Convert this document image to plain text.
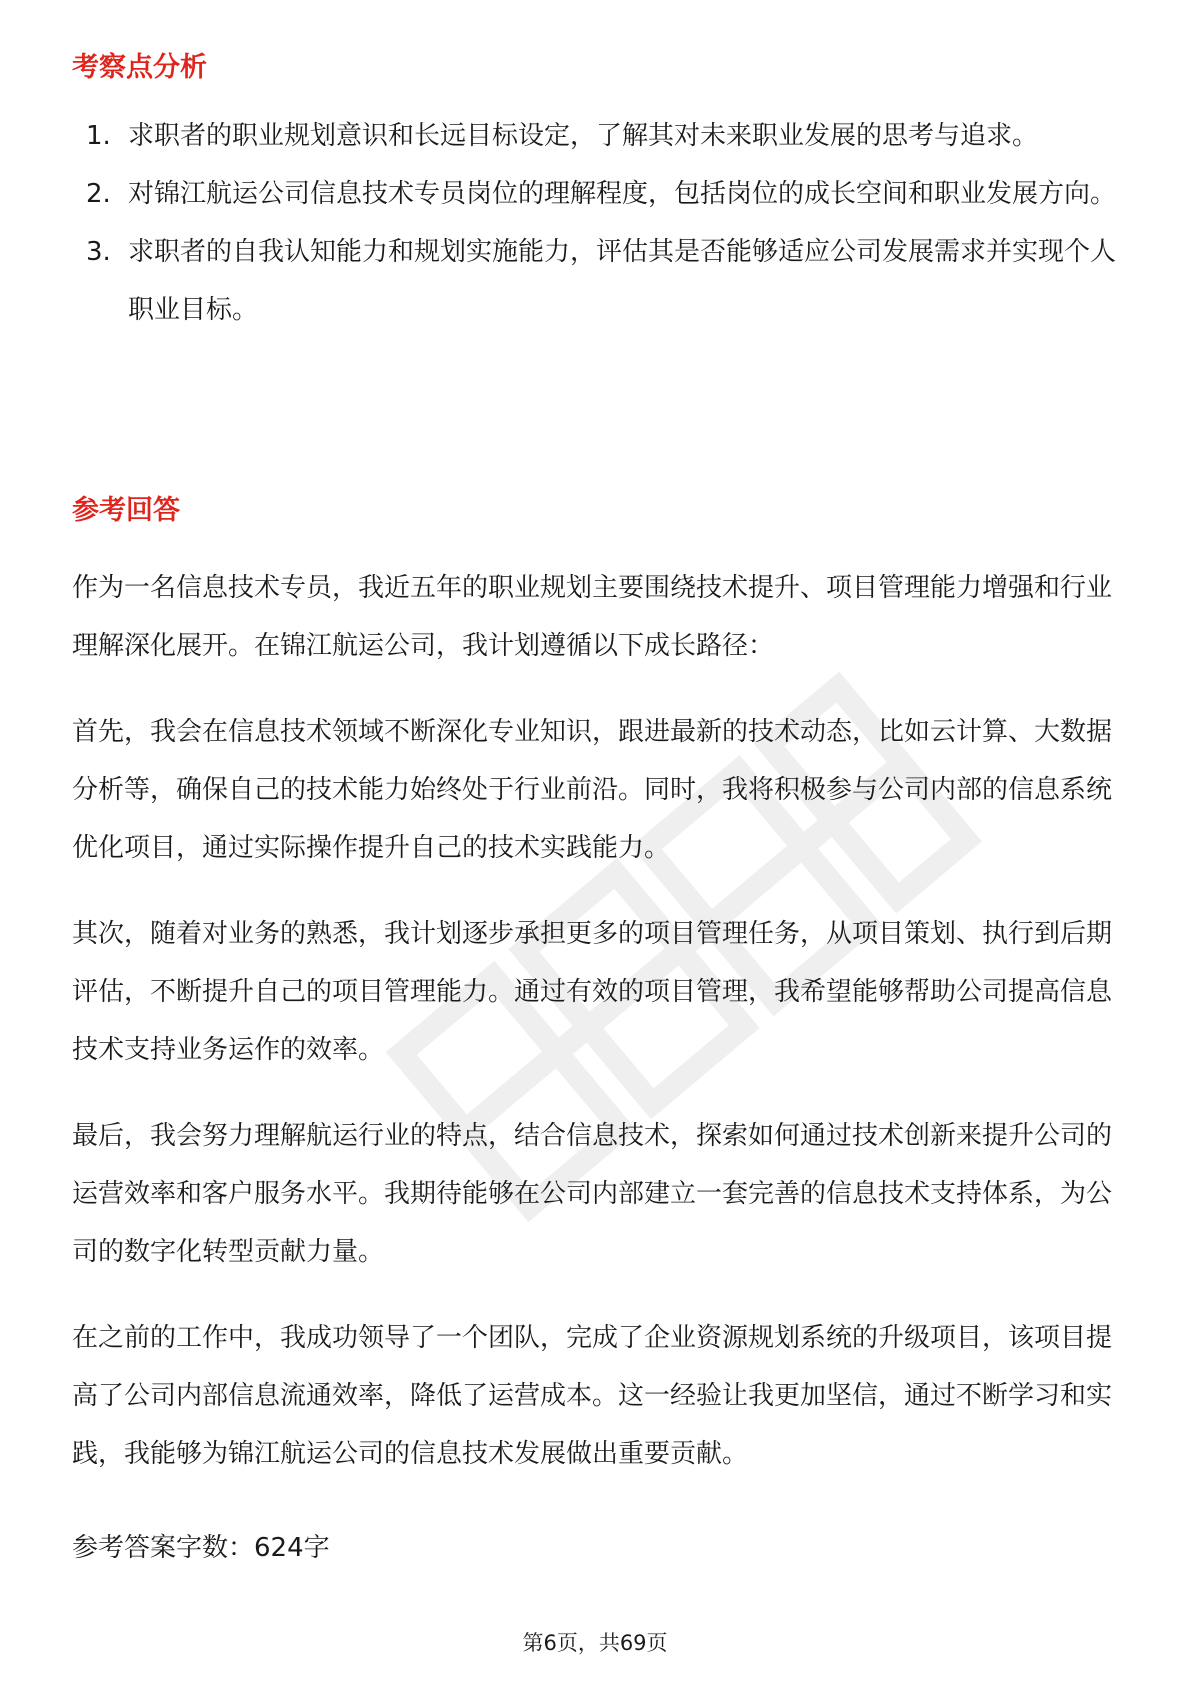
考察点分析
1. 求职者的职业规划意识和长远目标设定，了解其对未来职业发展的思考与追求。
2. 对锦江航运公司信息技术专员岗位的理解程度，包括岗位的成长空间和职业发展方向。
3. 求职者的自我认知能力和规划实施能力，评估其是否能够适应公司发展需求并实现个人职业目标。
参考回答

作为一名信息技术专员，我近五年的职业规划主要围绕技术提升、项目管理能力增强和行业理解深化展开。在锦江航运公司，我计划遵循以下成长路径：

首先，我会在信息技术领域不断深化专业知识，跟进最新的技术动态，比如云计算、大数据分析等，确保自己的技术能力始终处于行业前沿。同时，我将积极参与公司内部的信息系统优化项目，通过实际操作提升自己的技术实践能力。

其次，随着对业务的熟悉，我计划逐步承担更多的项目管理任务，从项目策划、执行到后期评估，不断提升自己的项目管理能力。通过有效的项目管理，我希望能够帮助公司提高信息技术支持业务运作的效率。

最后，我会努力理解航运行业的特点，结合信息技术，探索如何通过技术创新来提升公司的运营效率和客户服务水平。我期待能够在公司内部建立一套完善的信息技术支持体系，为公司的数字化转型贡献力量。

在之前的工作中，我成功领导了一个团队，完成了企业资源规划系统的升级项目，该项目提高了公司内部信息流通效率，降低了运营成本。这一经验让我更加坚信，通过不断学习和实践，我能够为锦江航运公司的信息技术发展做出重要贡献。

参考答案字数：624字

第6页，共69页
